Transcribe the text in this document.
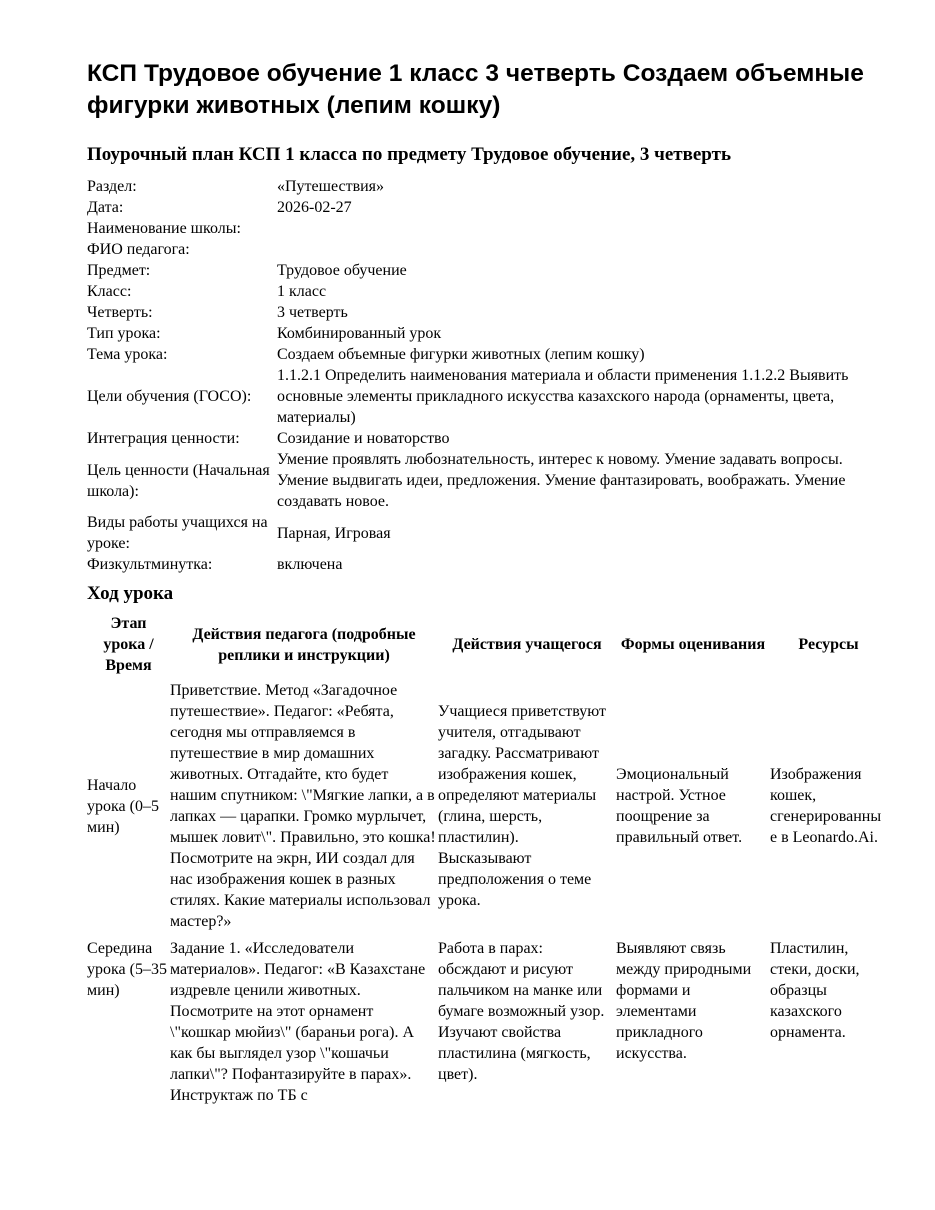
КСП Трудовое обучение 1 класс 3 четверть Создаем объемные фигурки животных (лепим кошку)
Поурочный план КСП 1 класса по предмету Трудовое обучение, 3 четверть
Раздел:	«Путешествия»
Дата:	2026-02-27
Наименование школы:	
ФИО педагога:	
Предмет:	Трудовое обучение
Класс:	1 класс
Четверть:	3 четверть
Тип урока:	Комбинированный урок
Тема урока:	Создаем объемные фигурки животных (лепим кошку)
Цели обучения (ГОСО):	1.1.2.1 Определить наименования материала и области применения 1.1.2.2 Выявить основные элементы прикладного искусства казахского народа (орнаменты, цвета, материалы)
Интеграция ценности:	Созидание и новаторство
Цель ценности (Начальная школа):	Умение проявлять любознательность, интерес к новому. Умение задавать вопросы. Умение выдвигать идеи, предложения. Умение фантазировать, воображать. Умение создавать новое.
Виды работы учащихся на уроке:	Парная, Игровая
Физкультминутка:	включена
Ход урока
Этап урока / Время	Действия педагога (подробные реплики и инструкции)	Действия учащегося	Формы оценивания	Ресурсы
Начало урока (0–5 мин)	Приветствие. Метод «Загадочное путешествие». Педагог: «Ребята, сегодня мы отправляемся в путешествие в мир домашних животных. Отгадайте, кто будет нашим спутником: \"Мягкие лапки, а в лапках — царапки. Громко мурлычет, мышек ловит\". Правильно, это кошка! Посмотрите на экрн, ИИ создал для нас изображения кошек в разных стилях. Какие материалы использовал мастер?»	Учащиеся приветствуют учителя, отгадывают загадку. Рассматривают изображения кошек, определяют материалы (глина, шерсть, пластилин). Высказывают предположения о теме урока.	Эмоциональный настрой. Устное поощрение за правильный ответ.	Изображения кошек, сгенерированные в Leonardo.Ai.
Середина урока (5–35 мин)	Задание 1. «Исследователи материалов». Педагог: «В Казахстане издревле ценили животных. Посмотрите на этот орнамент \"кошкар мюйиз\" (бараньи рога). А как бы выглядел узор \"кошачьи лапки\"? Пофантазируйте в парах». Инструктаж по ТБ с	Работа в парах: обсждают и рисуют пальчиком на манке или бумаге возможный узор. Изучают свойства пластилина (мягкость, цвет).	Выявляют связь между природными формами и элементами прикладного искусства.	Пластилин, стеки, доски, образцы казахского орнамента.
